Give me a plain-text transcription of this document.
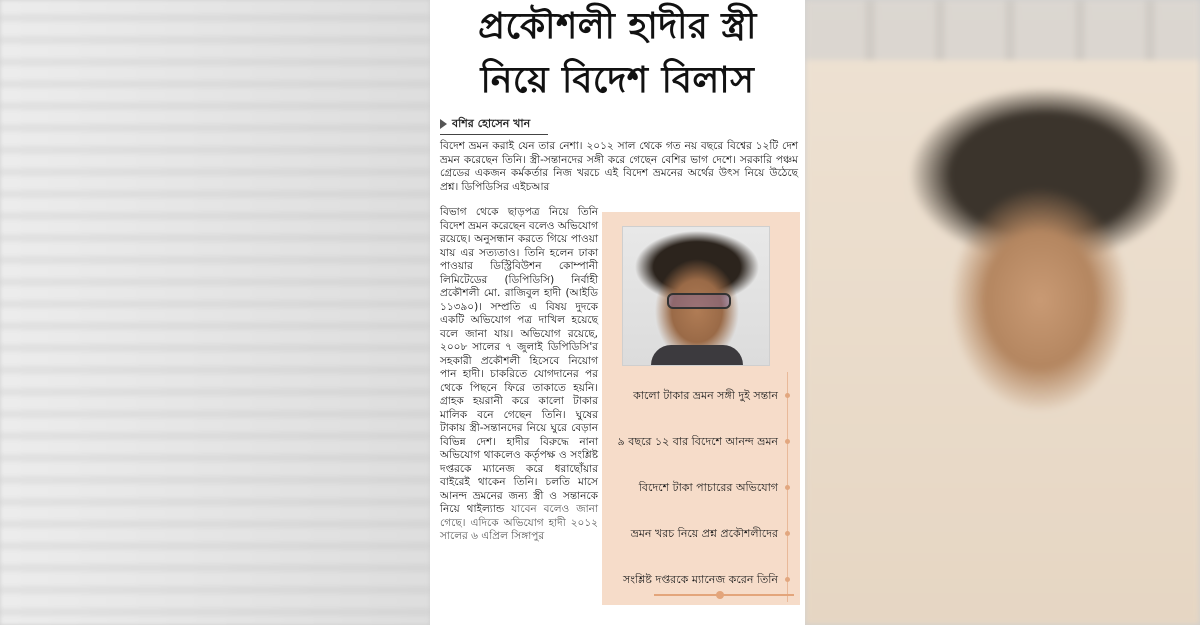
প্রকৌশলী হাদীর স্ত্রী
নিয়ে বিদেশ বিলাস
বশির হোসেন খান
বিদেশ ভ্রমন করাই যেন তার নেশা। ২০১২ সাল থেকে গত নয় বছরে বিশ্বের ১২টি দেশ ভ্রমন করেছেন তিনি। স্ত্রী-সন্তানদের সঙ্গী করে গেছেন বেশির ভাগ দেশে। সরকারি পঞ্চম গ্রেডের একজন কর্মকর্তার নিজ খরচে এই বিদেশ ভ্রমনের অর্থের উৎস নিয়ে উঠেছে প্রশ্ন। ডিপিডিসির এইচআর
বিভাগ থেকে ছাড়পত্র নিয়ে তিনি বিদেশ ভ্রমন করেছেন বলেও অভিযোগ রয়েছে। অনুসন্ধান করতে গিয়ে পাওয়া যায় এর সত্যতাও। তিনি হলেন ঢাকা পাওয়ার ডিস্ট্রিবিউশন কোম্পানী লিমিটেডের (ডিপিডিসি) নির্বাহী প্রকৌশলী মো. রাজিবুল হাদী (আইডি ১১৩৯০)। সম্প্রতি এ বিষয় দুদকে একটি অভিযোগ পত্র দাখিল হয়েছে বলে জানা যায়। অভিযোগ রয়েছে, ২০০৮ সালের ৭ জুলাই ডিপিডিসি'র সহকারী প্রকৌশলী হিসেবে নিয়োগ পান হাদী। চাকরিতে যোগদানের পর থেকে পিছনে ফিরে তাকাতে হয়নি। গ্রাহক হয়রানী করে কালো টাকার মালিক বনে গেছেন তিনি। ঘুষের টাকায় স্ত্রী-সন্তানদের নিয়ে ঘুরে বেড়ান বিভিন্ন দেশ। হাদীর বিরুদ্ধে নানা অভিযোগ থাকলেও কর্তৃপক্ষ ও সংশ্লিষ্ট দপ্তরকে ম্যানেজ করে ধরাছোঁয়ার বাইরেই থাকেন তিনি। চলতি মাসে আনন্দ ভ্রমনের জন্য স্ত্রী ও সন্তানকে নিয়ে থাইল্যান্ড যাবেন বলেও জানা গেছে। এদিকে অভিযোগ হাদী ২০১২ সালের ৬ এপ্রিল সিঙ্গাপুর
কালো টাকার ভ্রমন সঙ্গী দুই সন্তান
৯ বছরে ১২ বার বিদেশে আনন্দ ভ্রমন
বিদেশে টাকা পাচারের অভিযোগ
ভ্রমন খরচ নিয়ে প্রশ্ন প্রকৌশলীদের
সংশ্লিষ্ট দপ্তরকে ম্যানেজ করেন তিনি
